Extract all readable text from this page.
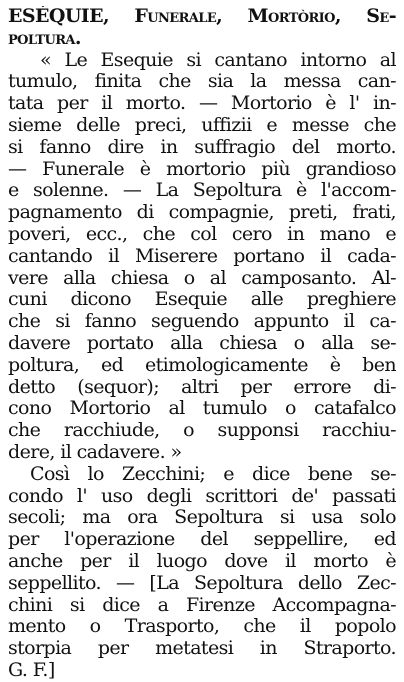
ESÈQUIE, Funerale, Mortòrio, Se-
poltura.
« Le Esequie si cantano intorno al
tumulo, finita che sia la messa can-
tata per il morto. — Mortorio è l' in-
sieme delle preci, uffizii e messe che
si fanno dire in suffragio del morto.
— Funerale è mortorio più grandioso
e solenne. — La Sepoltura è l'accom-
pagnamento di compagnie, preti, frati,
poveri, ecc., che col cero in mano e
cantando il Miserere portano il cada-
vere alla chiesa o al camposanto. Al-
cuni dicono Esequie alle preghiere
che si fanno seguendo appunto il ca-
davere portato alla chiesa o alla se-
poltura, ed etimologicamente è ben
detto (sequor); altri per errore di-
cono Mortorio al tumulo o catafalco
che racchiude, o supponsi racchiu-
dere, il cadavere. »
Così lo Zecchini; e dice bene se-
condo l' uso degli scrittori de' passati
secoli; ma ora Sepoltura si usa solo
per l'operazione del seppellire, ed
anche per il luogo dove il morto è
seppellito. — [La Sepoltura dello Zec-
chini si dice a Firenze Accompagna-
mento o Trasporto, che il popolo
storpia per metatesi in Straporto.
G. F.]
